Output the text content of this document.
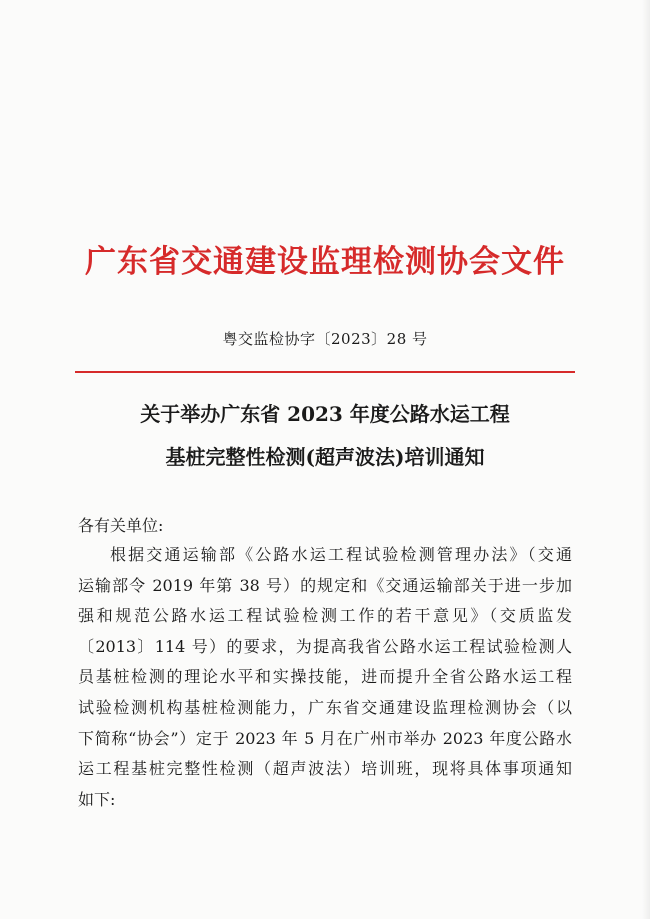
广东省交通建设监理检测协会文件
粤交监检协字〔2023〕28 号
关于举办广东省 2023 年度公路水运工程
基桩完整性检测(超声波法)培训通知
各有关单位:
根据交通运输部《公路水运工程试验检测管理办法》（交通
运输部令 2019 年第 38 号）的规定和《交通运输部关于进一步加
强和规范公路水运工程试验检测工作的若干意见》（交质监发
〔2013〕114 号）的要求，为提高我省公路水运工程试验检测人
员基桩检测的理论水平和实操技能，进而提升全省公路水运工程
试验检测机构基桩检测能力，广东省交通建设监理检测协会（以
下简称“协会”）定于 2023 年 5 月在广州市举办 2023 年度公路水
运工程基桩完整性检测（超声波法）培训班，现将具体事项通知
如下:
